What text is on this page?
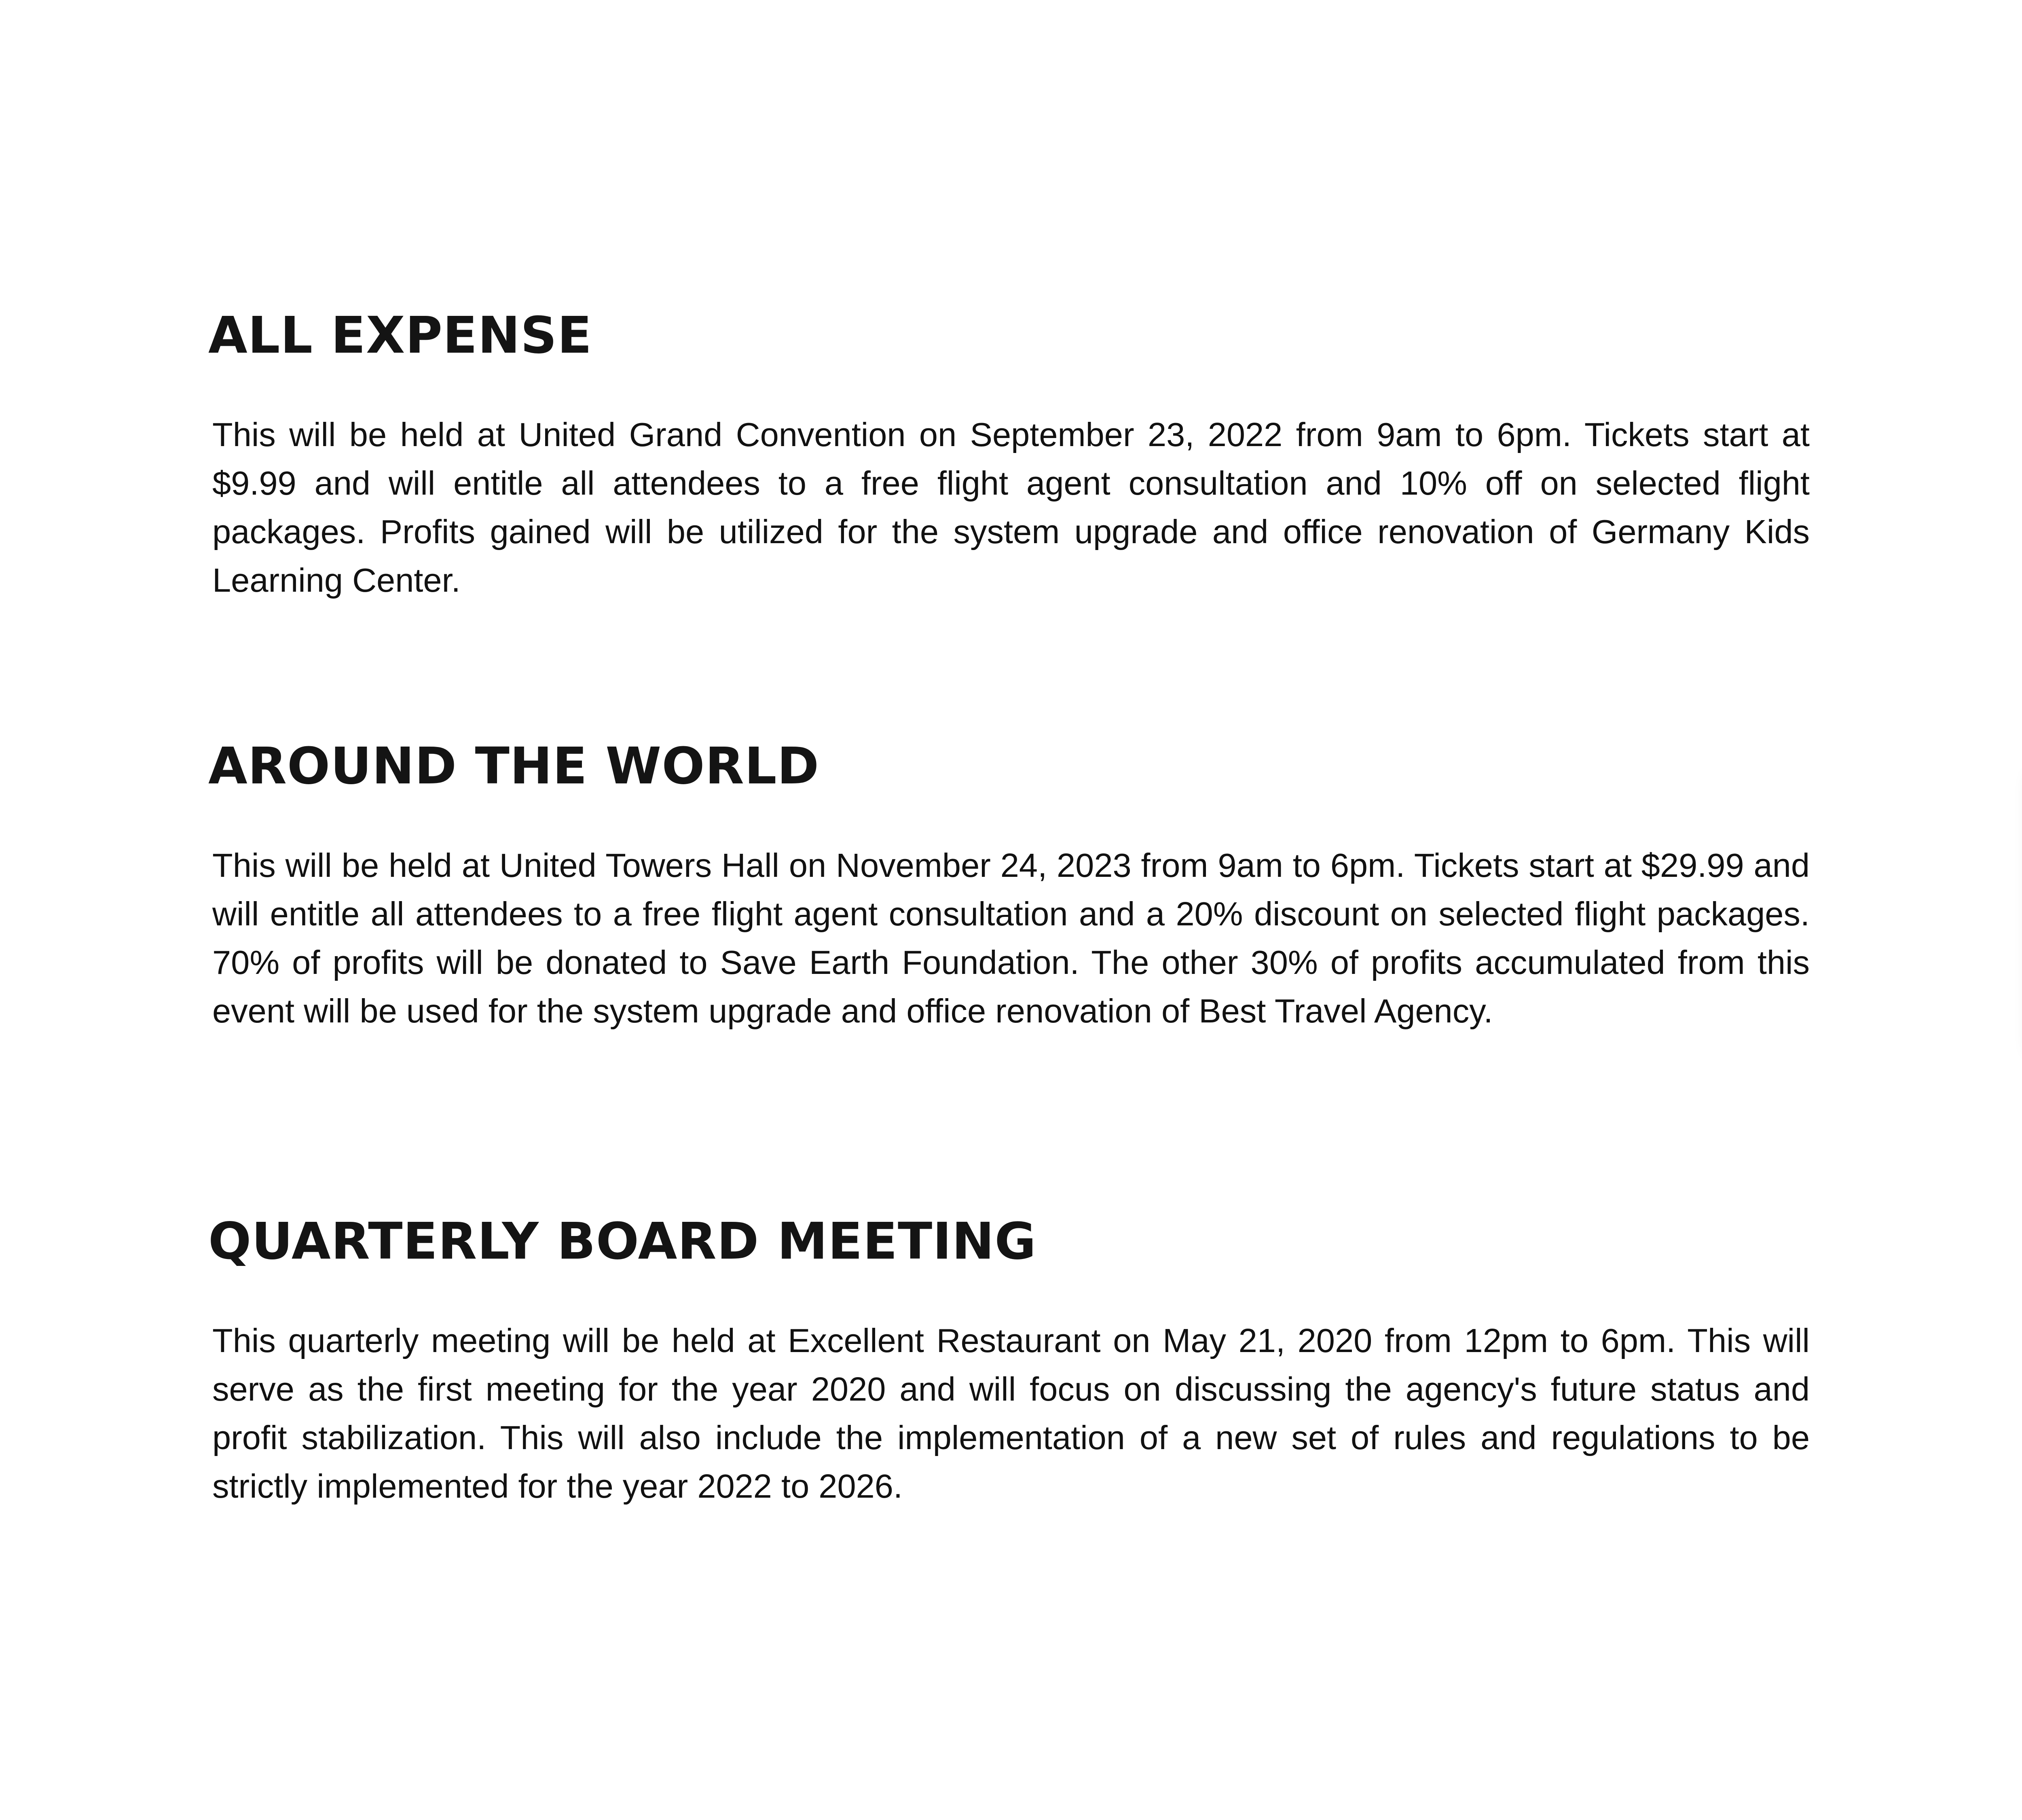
ALL EXPENSE

This will be held at United Grand Convention on September 23, 2022 from 9am to 6pm. Tickets start at $9.99 and will entitle all attendees to a free flight agent consultation and 10% off on selected flight packages. Profits gained will be utilized for the system upgrade and office renovation of Germany Kids Learning Center.

AROUND THE WORLD

This will be held at United Towers Hall on November 24, 2023 from 9am to 6pm. Tickets start at $29.99 and will entitle all attendees to a free flight agent consultation and a 20% discount on selected flight packages. 70% of profits will be donated to Save Earth Foundation. The other 30% of profits accumulated from this event will be used for the system upgrade and office renovation of Best Travel Agency.

QUARTERLY BOARD MEETING

This quarterly meeting will be held at Excellent Restaurant on May 21, 2020 from 12pm to 6pm. This will serve as the first meeting for the year 2020 and will focus on discussing the agency's future status and profit stabilization. This will also include the implementation of a new set of rules and regulations to be strictly implemented for the year 2022 to 2026.
